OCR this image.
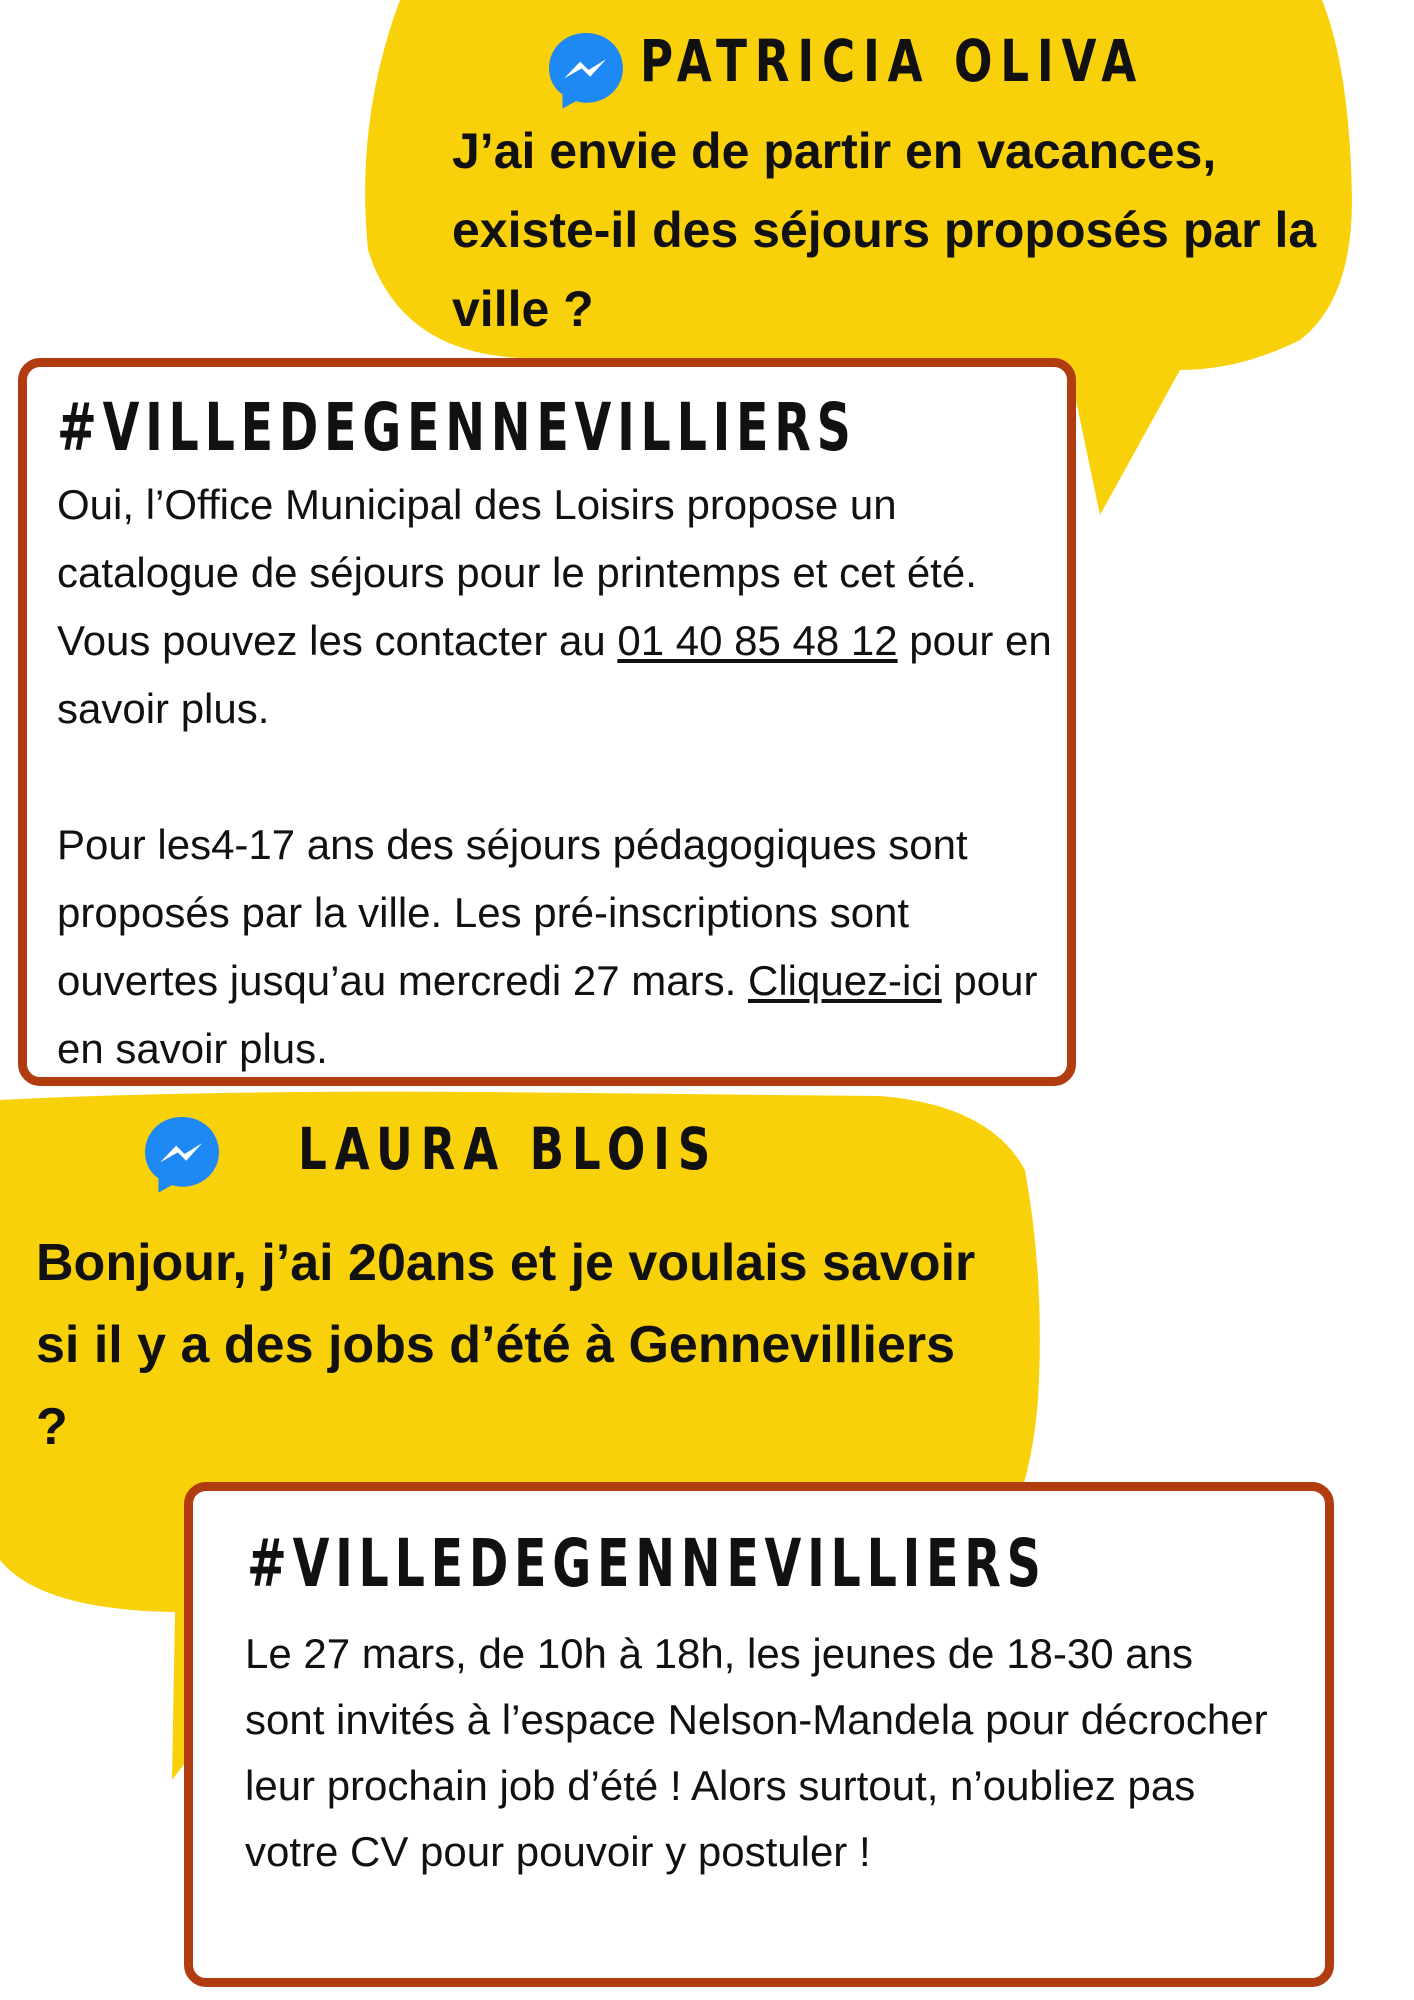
PATRICIA OLIVA

J’ai envie de partir en vacances, existe-il des séjours proposés par la ville ?

#VILLEDEGENNEVILLIERS

Oui, l’Office Municipal des Loisirs propose un catalogue de séjours pour le printemps et cet été. Vous pouvez les contacter au 01 40 85 48 12 pour en savoir plus.

Pour les4-17 ans des séjours pédagogiques sont proposés par la ville. Les pré-inscriptions sont ouvertes jusqu’au mercredi 27 mars. Cliquez-ici pour en savoir plus.

LAURA BLOIS

Bonjour, j’ai 20ans et je voulais savoir si il y a des jobs d’été à Gennevilliers ?

#VILLEDEGENNEVILLIERS

Le 27 mars, de 10h à 18h, les jeunes de 18-30 ans sont invités à l’espace Nelson-Mandela pour décrocher leur prochain job d’été ! Alors surtout, n’oubliez pas votre CV pour pouvoir y postuler !
